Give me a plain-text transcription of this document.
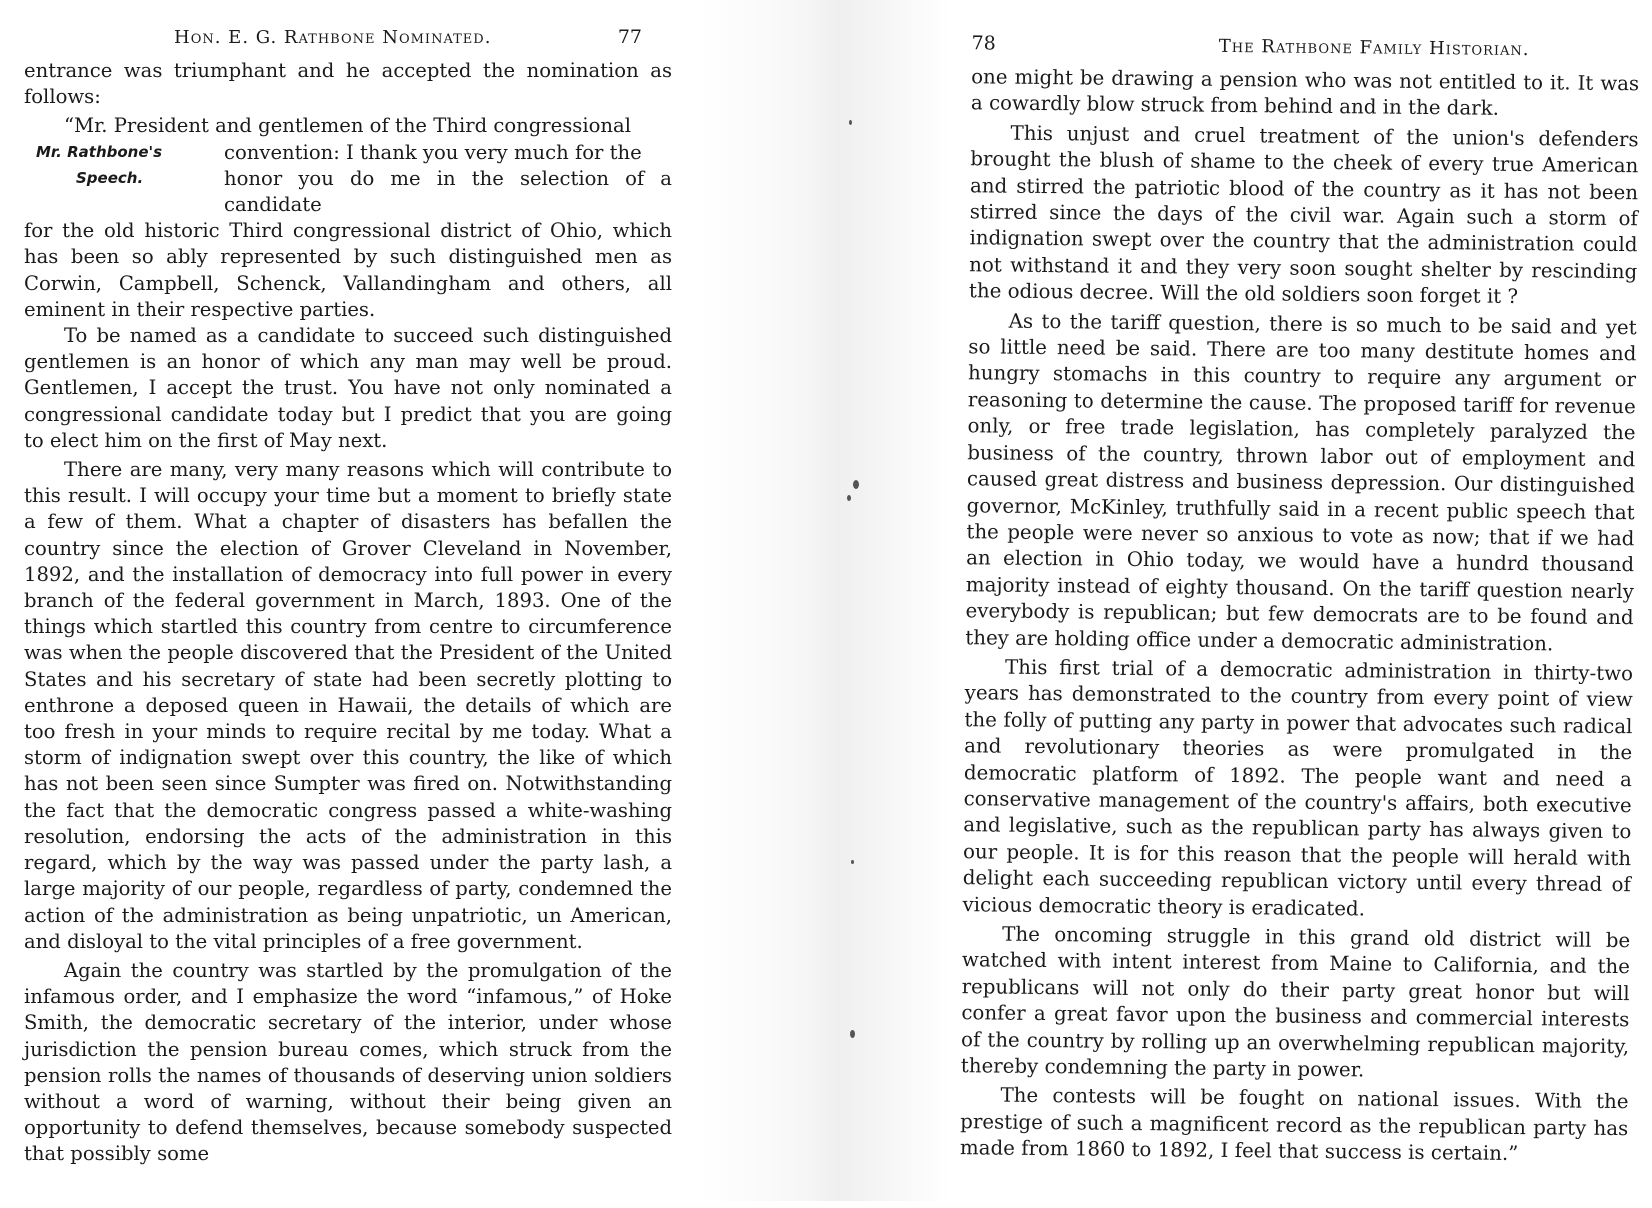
Hon. E. G. Rathbone Nominated.	77

entrance was triumphant and he accepted the nomination as follows:

Mr. Rathbone's
Speech.

“Mr. President and gentlemen of the Third congressional
convention: I thank you very much for the
honor you do me in the selection of a candidate
for the old historic Third congressional district of Ohio, which has been so ably represented by such distinguished men as Corwin, Campbell, Schenck, Vallandingham and others, all eminent in their respective parties.

To be named as a candidate to succeed such distinguished gentlemen is an honor of which any man may well be proud. Gentlemen, I accept the trust. You have not only nominated a congressional candidate today but I predict that you are going to elect him on the first of May next.

There are many, very many reasons which will contribute to this result. I will occupy your time but a moment to briefly state a few of them. What a chapter of disasters has befallen the country since the election of Grover Cleveland in November, 1892, and the installation of democracy into full power in every branch of the federal government in March, 1893. One of the things which startled this country from centre to circumference was when the people discovered that the President of the United States and his secretary of state had been secretly plotting to enthrone a deposed queen in Hawaii, the details of which are too fresh in your minds to require recital by me today. What a storm of indignation swept over this country, the like of which has not been seen since Sumpter was fired on. Notwithstanding the fact that the democratic congress passed a white-washing resolution, endorsing the acts of the administration in this regard, which by the way was passed under the party lash, a large majority of our people, regardless of party, condemned the action of the administration as being unpatriotic, un American, and disloyal to the vital principles of a free government.

Again the country was startled by the promulgation of the infamous order, and I emphasize the word “infamous,” of Hoke Smith, the democratic secretary of the interior, under whose jurisdiction the pension bureau comes, which struck from the pension rolls the names of thousands of deserving union soldiers without a word of warning, without their being given an opportunity to defend themselves, because somebody suspected that possibly some

78	The Rathbone Family Historian.

one might be drawing a pension who was not entitled to it. It was a cowardly blow struck from behind and in the dark.

This unjust and cruel treatment of the union's defenders brought the blush of shame to the cheek of every true American and stirred the patriotic blood of the country as it has not been stirred since the days of the civil war. Again such a storm of indignation swept over the country that the administration could not withstand it and they very soon sought shelter by rescinding the odious decree. Will the old soldiers soon forget it ?

As to the tariff question, there is so much to be said and yet so little need be said. There are too many destitute homes and hungry stomachs in this country to require any argument or reasoning to determine the cause. The proposed tariff for revenue only, or free trade legislation, has completely paralyzed the business of the country, thrown labor out of employment and caused great distress and business depression. Our distinguished governor, McKinley, truthfully said in a recent public speech that the people were never so anxious to vote as now; that if we had an election in Ohio today, we would have a hundrd thousand majority instead of eighty thousand. On the tariff question nearly everybody is republican; but few democrats are to be found and they are holding office under a democratic administration.

This first trial of a democratic administration in thirty-two years has demonstrated to the country from every point of view the folly of putting any party in power that advocates such radical and revolutionary theories as were promulgated in the democratic platform of 1892. The people want and need a conservative management of the country's affairs, both executive and legislative, such as the republican party has always given to our people. It is for this reason that the people will herald with delight each succeeding republican victory until every thread of vicious democratic theory is eradicated.

The oncoming struggle in this grand old district will be watched with intent interest from Maine to California, and the republicans will not only do their party great honor but will confer a great favor upon the business and commercial interests of the country by rolling up an overwhelming republican majority, thereby condemning the party in power.

The contests will be fought on national issues. With the prestige of such a magnificent record as the republican party has made from 1860 to 1892, I feel that success is certain.”
